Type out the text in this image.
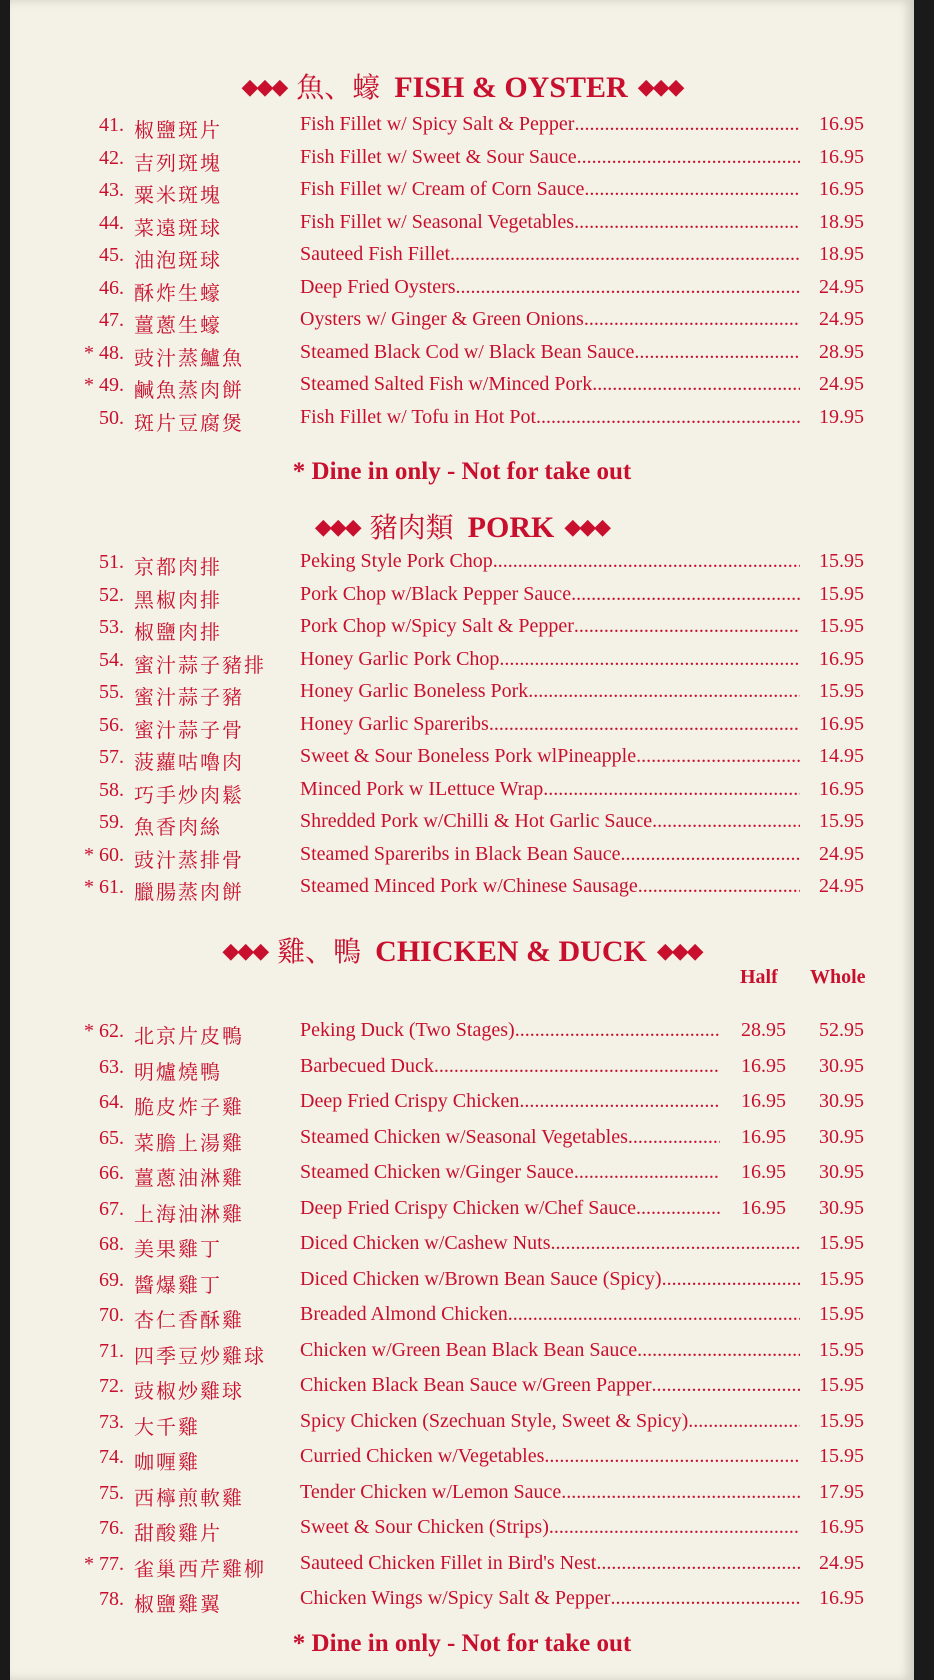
◆◆◆ 魚、蠔 FISH & OYSTER ◆◆◆
41. 椒鹽斑片	Fish Fillet w/ Spicy Salt & Pepper .....	16.95
42. 吉列斑塊	Fish Fillet w/ Sweet & Sour Sauce .....	16.95
43. 粟米斑塊	Fish Fillet w/ Cream of Corn Sauce .....	16.95
44. 菜遠斑球	Fish Fillet w/ Seasonal Vegetables .....	18.95
45. 油泡斑球	Sauteed Fish Fillet .....	18.95
46. 酥炸生蠔	Deep Fried Oysters .....	24.95
47. 薑蔥生蠔	Oysters w/ Ginger & Green Onions .....	24.95
* 48. 豉汁蒸鱸魚	Steamed Black Cod w/ Black Bean Sauce .....	28.95
* 49. 鹹魚蒸肉餅	Steamed Salted Fish w/Minced Pork .....	24.95
50. 斑片豆腐煲	Fish Fillet w/ Tofu in Hot Pot .....	19.95
* Dine in only - Not for take out
◆◆◆ 豬肉類 PORK ◆◆◆
51. 京都肉排	Peking Style Pork Chop .....	15.95
52. 黑椒肉排	Pork Chop w/Black Pepper Sauce .....	15.95
53. 椒鹽肉排	Pork Chop w/Spicy Salt & Pepper .....	15.95
54. 蜜汁蒜子豬排 Honey Garlic Pork Chop .....	16.95
55. 蜜汁蒜子豬	Honey Garlic Boneless Pork .....	15.95
56. 蜜汁蒜子骨	Honey Garlic Spareribs .....	16.95
57. 菠蘿咕嚕肉	Sweet & Sour Boneless Pork wlPineapple .....	14.95
58. 巧手炒肉鬆	Minced Pork w ILettuce Wrap .....	16.95
59. 魚香肉絲	Shredded Pork w/Chilli & Hot Garlic Sauce .....	15.95
* 60. 豉汁蒸排骨	Steamed Spareribs in Black Bean Sauce .....	24.95
* 61. 臘腸蒸肉餅	Steamed Minced Pork w/Chinese Sausage .....	24.95
◆◆◆ 雞、鴨 CHICKEN & DUCK ◆◆◆
Half Whole
* 62. 北京片皮鴨	Peking Duck (Two Stages) .....	28.95	52.95
63. 明爐燒鴨	Barbecued Duck .....	16.95	30.95
64. 脆皮炸子雞	Deep Fried Crispy Chicken .....	16.95	30.95
65. 菜膽上湯雞	Steamed Chicken w/Seasonal Vegetables .....	16.95	30.95
66. 薑蔥油淋雞	Steamed Chicken w/Ginger Sauce .....	16.95	30.95
67. 上海油淋雞	Deep Fried Crispy Chicken w/Chef Sauce .....	16.95	30.95
68. 美果雞丁	Diced Chicken w/Cashew Nuts .....	15.95
69. 醬爆雞丁	Diced Chicken w/Brown Bean Sauce (Spicy) .....	15.95
70. 杏仁香酥雞	Breaded Almond Chicken .....	15.95
71. 四季豆炒雞球 Chicken w/Green Bean Black Bean Sauce .....	15.95
72. 豉椒炒雞球	Chicken Black Bean Sauce w/Green Papper .....	15.95
73. 大千雞	Spicy Chicken (Szechuan Style, Sweet & Spicy) .....	15.95
74. 咖喱雞	Curried Chicken w/Vegetables .....	15.95
75. 西檸煎軟雞	Tender Chicken w/Lemon Sauce .....	17.95
76. 甜酸雞片	Sweet & Sour Chicken (Strips) .....	16.95
* 77. 雀巢西芹雞柳 Sauteed Chicken Fillet in Bird's Nest .....	24.95
78. 椒鹽雞翼	Chicken Wings w/Spicy Salt & Pepper .....	16.95
* Dine in only - Not for take out
